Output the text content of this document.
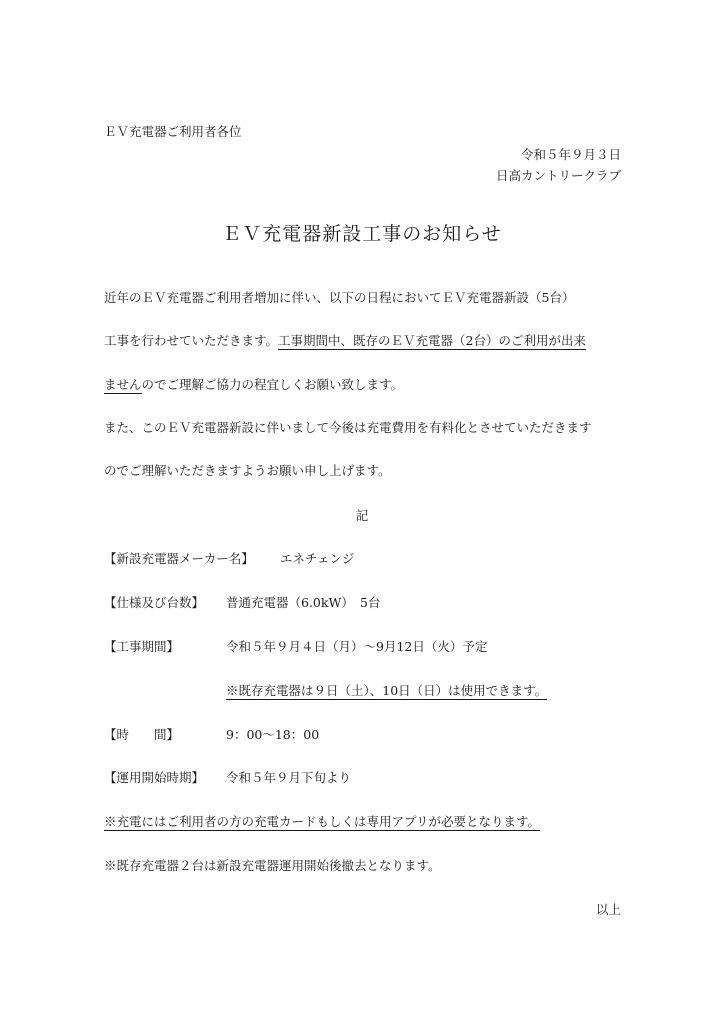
ＥＶ充電器ご利用者各位
令和５年９月３日
日高カントリークラブ
ＥＶ充電器新設工事のお知らせ
近年のＥＶ充電器ご利用者増加に伴い、以下の日程においてＥＶ充電器新設（5台）
工事を行わせていただきます。工事期間中、既存のＥＶ充電器（2台）のご利用が出来
ませんのでご理解ご協力の程宜しくお願い致します。
また、このＥＶ充電器新設に伴いまして今後は充電費用を有料化とさせていただきます
のでご理解いただきますようお願い申し上げます。
記
【新設充電器メーカー名】 エネチェンジ
【仕様及び台数】 普通充電器（6.0kW）　5台
【工事期間】	令和５年９月４日（月）～9月12日（火）予定
※既存充電器は９日（土）、10日（日）は使用できます。
【時　　間】	9：00～18：00
【運用開始時期】 令和５年９月下旬より
※充電にはご利用者の方の充電カードもしくは専用アプリが必要となります。
※既存充電器２台は新設充電器運用開始後撤去となります。
以上
